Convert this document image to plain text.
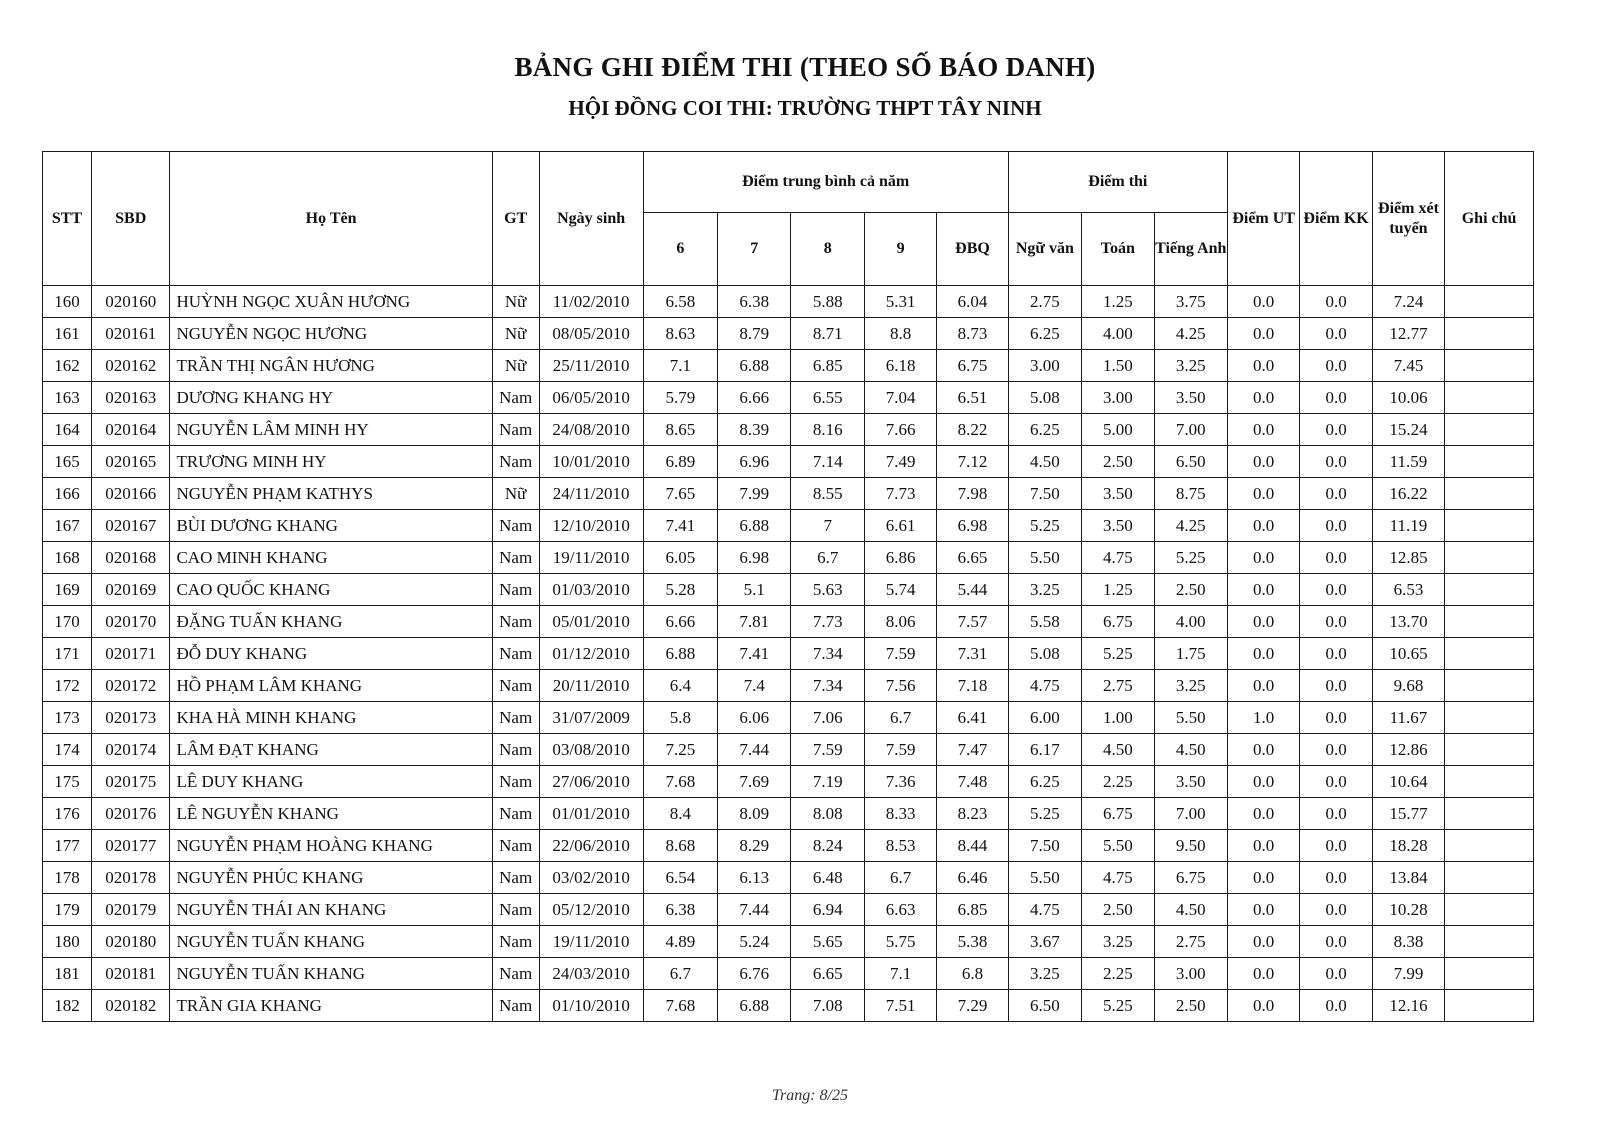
BẢNG GHI ĐIỂM THI (THEO SỐ BÁO DANH)
HỘI ĐỒNG COI THI: TRƯỜNG THPT TÂY NINH
STT	SBD	Họ Tên	GT	Ngày sinh	Điểm trung bình cả năm					Điểm thi			Điểm UT	Điểm KK	Điểm xét tuyển	Ghi chú
					6	7	8	9	ĐBQ	Ngữ văn	Toán	Tiếng Anh				
160	020160	HUỲNH NGỌC XUÂN HƯƠNG	Nữ	11/02/2010	6.58	6.38	5.88	5.31	6.04	2.75	1.25	3.75	0.0	0.0	7.24	
161	020161	NGUYỄN NGỌC HƯƠNG	Nữ	08/05/2010	8.63	8.79	8.71	8.8	8.73	6.25	4.00	4.25	0.0	0.0	12.77	
162	020162	TRẦN THỊ NGÂN HƯƠNG	Nữ	25/11/2010	7.1	6.88	6.85	6.18	6.75	3.00	1.50	3.25	0.0	0.0	7.45	
163	020163	DƯƠNG KHANG HY	Nam	06/05/2010	5.79	6.66	6.55	7.04	6.51	5.08	3.00	3.50	0.0	0.0	10.06	
164	020164	NGUYỄN LÂM MINH HY	Nam	24/08/2010	8.65	8.39	8.16	7.66	8.22	6.25	5.00	7.00	0.0	0.0	15.24	
165	020165	TRƯƠNG MINH HY	Nam	10/01/2010	6.89	6.96	7.14	7.49	7.12	4.50	2.50	6.50	0.0	0.0	11.59	
166	020166	NGUYỄN PHẠM KATHYS	Nữ	24/11/2010	7.65	7.99	8.55	7.73	7.98	7.50	3.50	8.75	0.0	0.0	16.22	
167	020167	BÙI DƯƠNG KHANG	Nam	12/10/2010	7.41	6.88	7	6.61	6.98	5.25	3.50	4.25	0.0	0.0	11.19	
168	020168	CAO MINH KHANG	Nam	19/11/2010	6.05	6.98	6.7	6.86	6.65	5.50	4.75	5.25	0.0	0.0	12.85	
169	020169	CAO QUỐC KHANG	Nam	01/03/2010	5.28	5.1	5.63	5.74	5.44	3.25	1.25	2.50	0.0	0.0	6.53	
170	020170	ĐẶNG TUẤN KHANG	Nam	05/01/2010	6.66	7.81	7.73	8.06	7.57	5.58	6.75	4.00	0.0	0.0	13.70	
171	020171	ĐỖ DUY KHANG	Nam	01/12/2010	6.88	7.41	7.34	7.59	7.31	5.08	5.25	1.75	0.0	0.0	10.65	
172	020172	HỒ PHẠM LÂM KHANG	Nam	20/11/2010	6.4	7.4	7.34	7.56	7.18	4.75	2.75	3.25	0.0	0.0	9.68	
173	020173	KHA HÀ MINH KHANG	Nam	31/07/2009	5.8	6.06	7.06	6.7	6.41	6.00	1.00	5.50	1.0	0.0	11.67	
174	020174	LÂM ĐẠT KHANG	Nam	03/08/2010	7.25	7.44	7.59	7.59	7.47	6.17	4.50	4.50	0.0	0.0	12.86	
175	020175	LÊ DUY KHANG	Nam	27/06/2010	7.68	7.69	7.19	7.36	7.48	6.25	2.25	3.50	0.0	0.0	10.64	
176	020176	LÊ NGUYỄN KHANG	Nam	01/01/2010	8.4	8.09	8.08	8.33	8.23	5.25	6.75	7.00	0.0	0.0	15.77	
177	020177	NGUYỄN PHẠM HOÀNG KHANG	Nam	22/06/2010	8.68	8.29	8.24	8.53	8.44	7.50	5.50	9.50	0.0	0.0	18.28	
178	020178	NGUYỄN PHÚC KHANG	Nam	03/02/2010	6.54	6.13	6.48	6.7	6.46	5.50	4.75	6.75	0.0	0.0	13.84	
179	020179	NGUYỄN THÁI AN KHANG	Nam	05/12/2010	6.38	7.44	6.94	6.63	6.85	4.75	2.50	4.50	0.0	0.0	10.28	
180	020180	NGUYỄN TUẤN KHANG	Nam	19/11/2010	4.89	5.24	5.65	5.75	5.38	3.67	3.25	2.75	0.0	0.0	8.38	
181	020181	NGUYỄN TUẤN KHANG	Nam	24/03/2010	6.7	6.76	6.65	7.1	6.8	3.25	2.25	3.00	0.0	0.0	7.99	
182	020182	TRẦN GIA KHANG	Nam	01/10/2010	7.68	6.88	7.08	7.51	7.29	6.50	5.25	2.50	0.0	0.0	12.16	
Trang: 8/25
